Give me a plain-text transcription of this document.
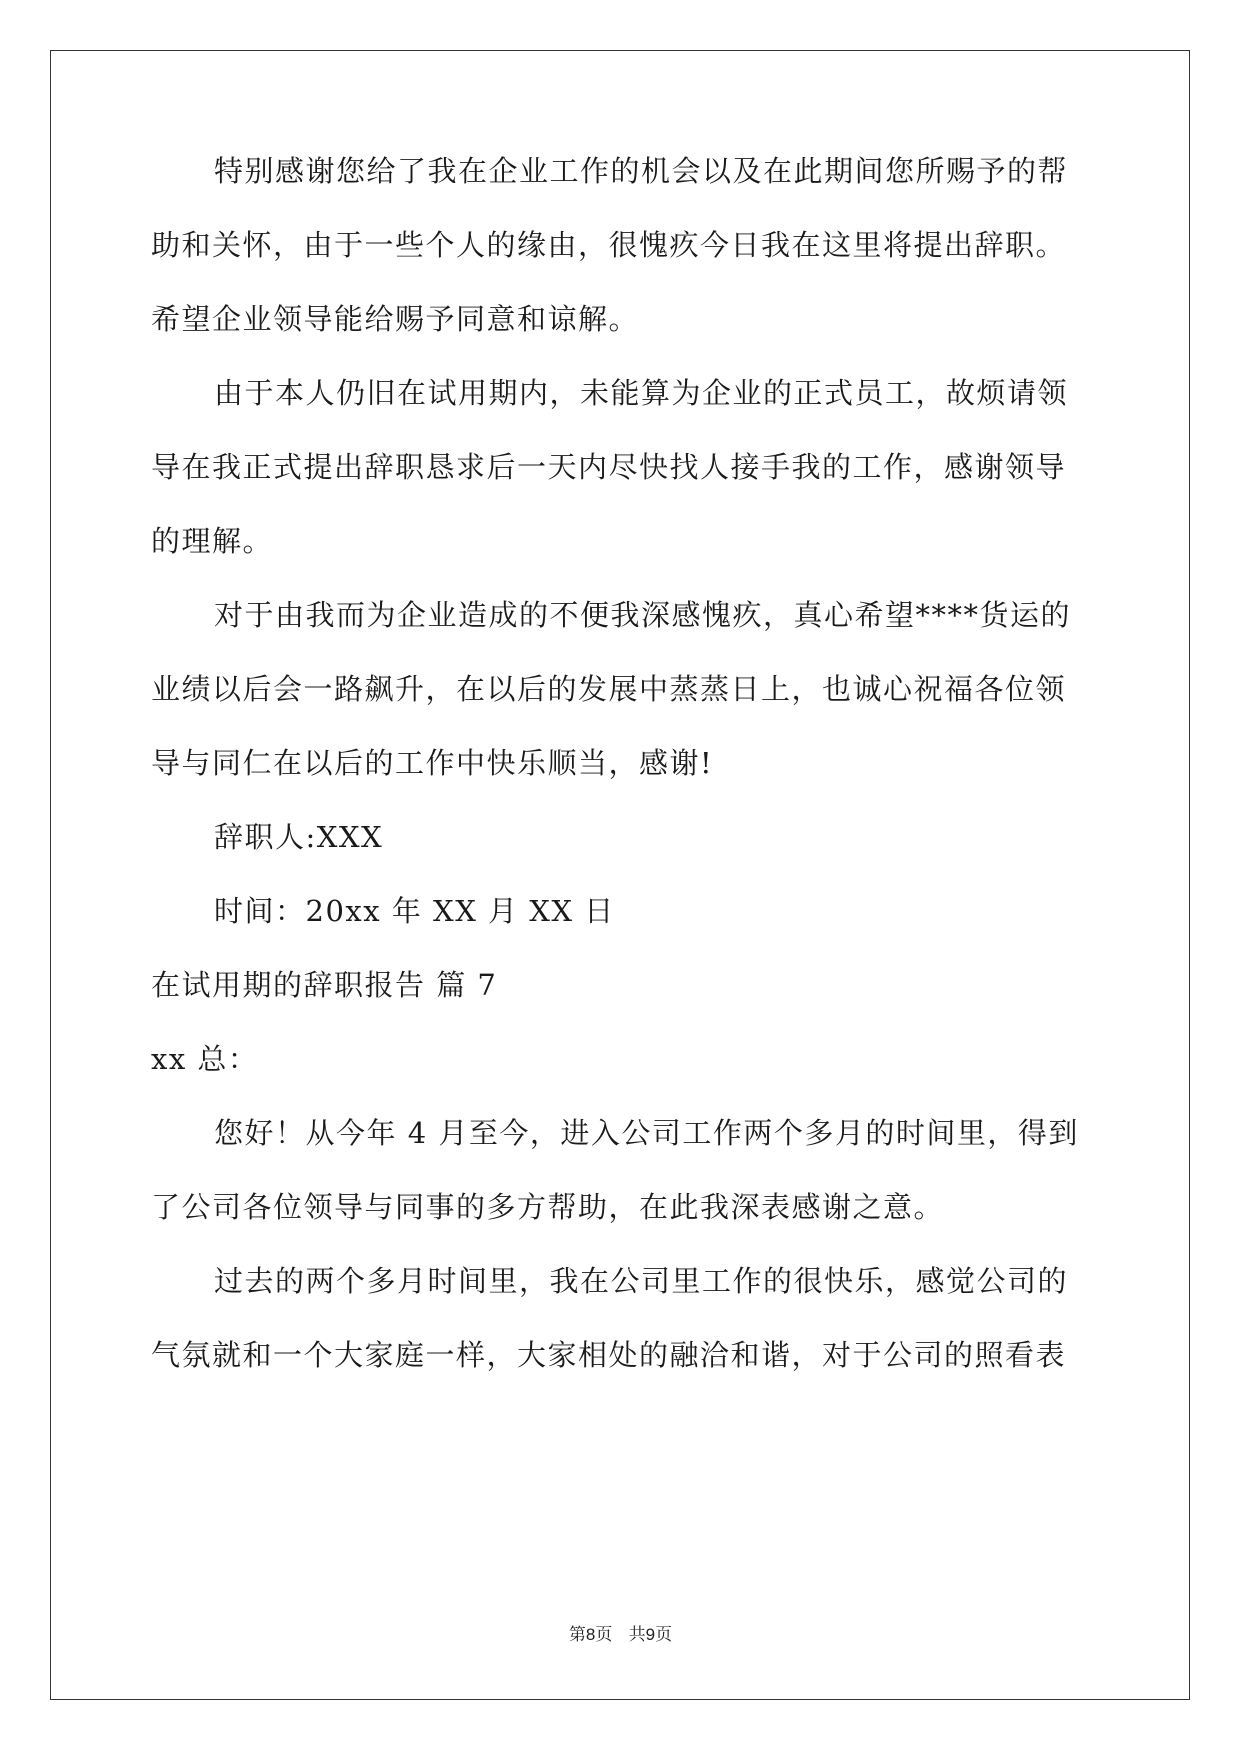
特别感谢您给了我在企业工作的机会以及在此期间您所赐予的帮
助和关怀，由于一些个人的缘由，很愧疚今日我在这里将提出辞职。
希望企业领导能给赐予同意和谅解。
由于本人仍旧在试用期内，未能算为企业的正式员工，故烦请领
导在我正式提出辞职恳求后一天内尽快找人接手我的工作，感谢领导
的理解。
对于由我而为企业造成的不便我深感愧疚，真心希望****货运的
业绩以后会一路飙升，在以后的发展中蒸蒸日上，也诚心祝福各位领
导与同仁在以后的工作中快乐顺当，感谢!
辞职人:XXX
时间：20xx 年 XX 月 XX 日
在试用期的辞职报告 篇 7
xx 总：
您好！从今年 4 月至今，进入公司工作两个多月的时间里，得到
了公司各位领导与同事的多方帮助，在此我深表感谢之意。
过去的两个多月时间里，我在公司里工作的很快乐，感觉公司的
气氛就和一个大家庭一样，大家相处的融洽和谐，对于公司的照看表
第8页   共9页
